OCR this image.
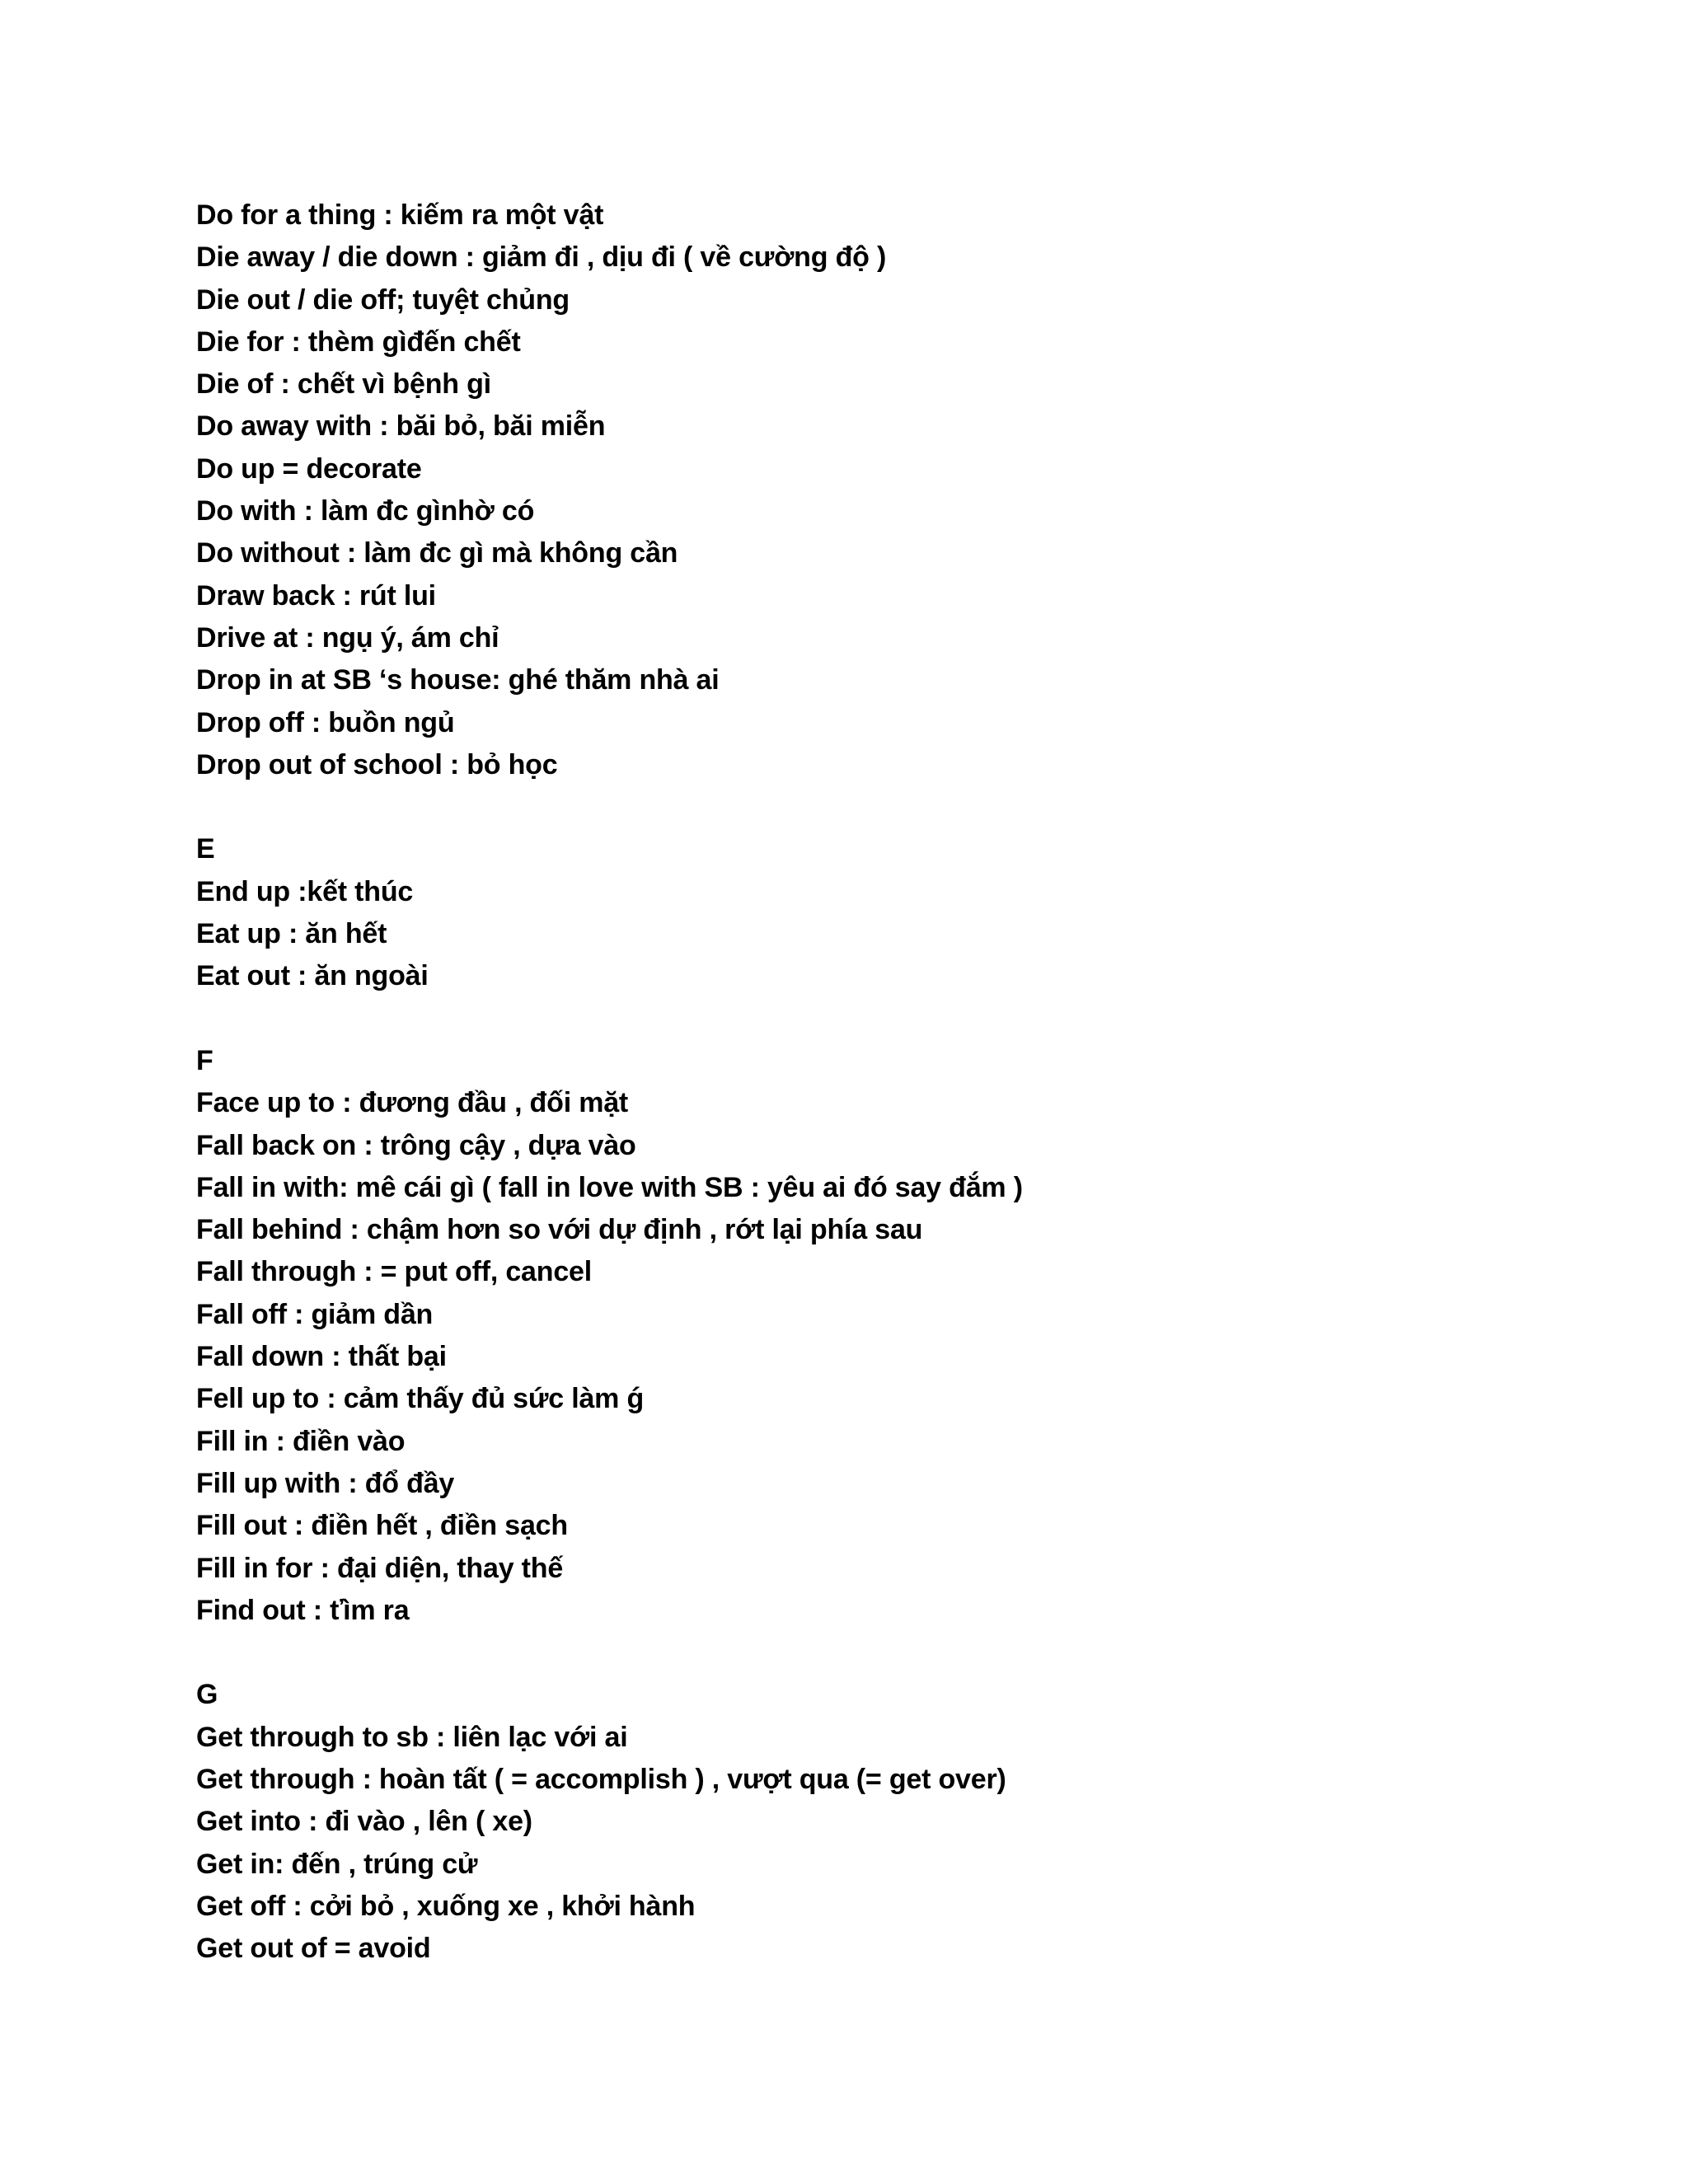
Do for a thing : kiếm ra một vật
Die away / die down : giảm đi , dịu đi ( về cường độ )
Die out / die off; tuyệt chủng
Die for : thèm gìđến chết
Die of : chết vì bệnh gì
Do away with : băi bỏ, băi miễn
Do up = decorate
Do with : làm đc gìnhờ có
Do without : làm đc gì mà không cần
Draw back : rút lui
Drive at : ngụ ý, ám chỉ
Drop in at SB ‘s house: ghé thăm nhà ai
Drop off : buồn ngủ
Drop out of school : bỏ học
E
End up :kết thúc
Eat up : ăn hết
Eat out : ăn ngoài
F
Face up to : đương đầu , đối mặt
Fall back on : trông cậy , dựa vào
Fall in with: mê cái gì ( fall in love with SB : yêu ai đó say đắm )
Fall behind : chậm hơn so với dự định , rớt lại phía sau
Fall through : = put off, cancel
Fall off : giảm dần
Fall down : thất bại
Fell up to : cảm thấy đủ sức làm ǵ
Fill in : điền vào
Fill up with : đổ đầy
Fill out : điền hết , điền sạch
Fill in for : đại diện, thay thế
Find out : ťìm ra
G
Get through to sb : liên lạc với ai
Get through : hoàn tất ( = accomplish ) , vượt qua (= get over)
Get into : đi vào , lên ( xe)
Get in: đến , trúng cử
Get off : cởi bỏ , xuống xe , khởi hành
Get out of = avoid
